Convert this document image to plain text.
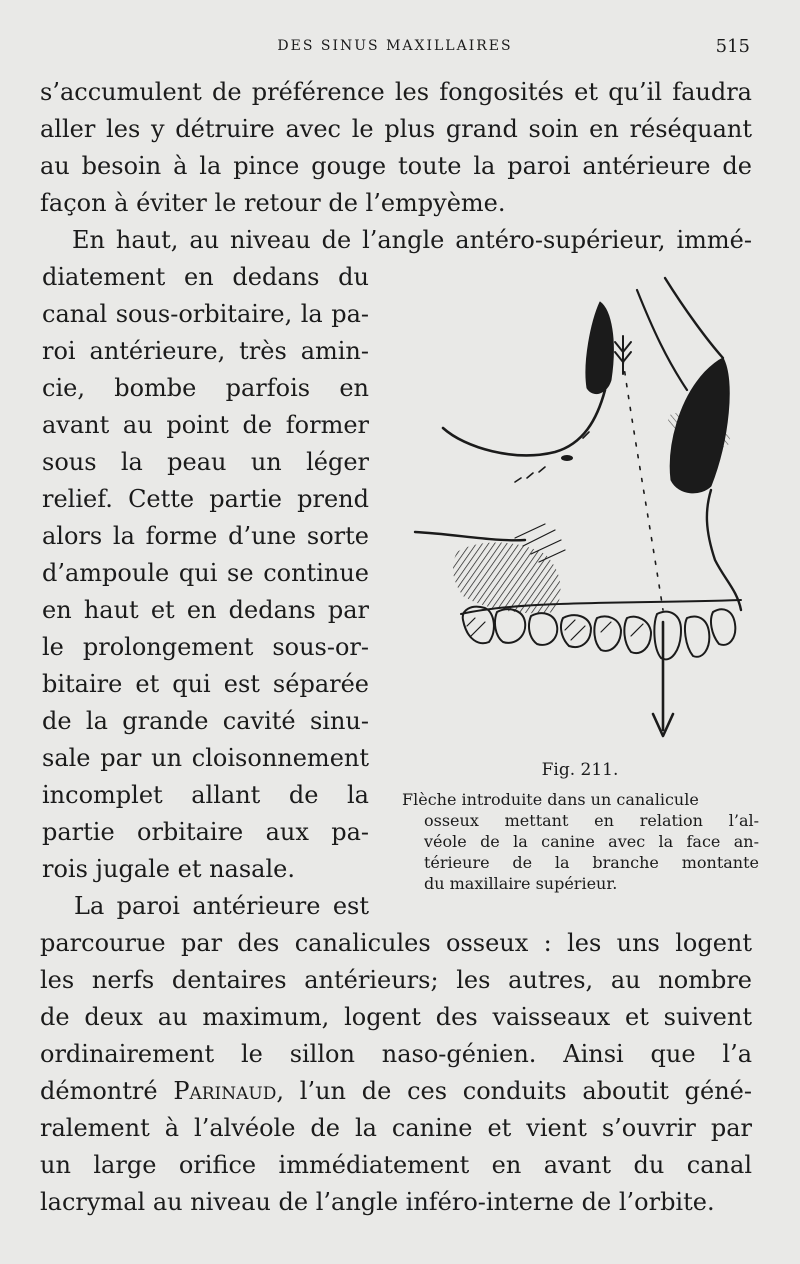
DES SINUS MAXILLAIRES	515
s’accumulent de préférence les fongosités et qu’il faudra
aller les y détruire avec le plus grand soin en réséquant
au besoin à la pince gouge toute la paroi antérieure de
façon à éviter le retour de l’empyème.
En haut, au niveau de l’angle antéro-supérieur, immé-
diatement en dedans du
canal sous-orbitaire, la pa-
roi antérieure, très amin-
cie, bombe parfois en
avant au point de former
sous la peau un léger
relief. Cette partie prend
alors la forme d’une sorte
d’ampoule qui se continue
en haut et en dedans par
le prolongement sous-or-
bitaire et qui est séparée
de la grande cavité sinu-
sale par un cloisonnement
incomplet allant de la
partie orbitaire aux pa-
rois jugale et nasale.
La paroi antérieure est
parcourue par des canalicules osseux : les uns logent
les nerfs dentaires antérieurs; les autres, au nombre
de deux au maximum, logent des vaisseaux et suivent
ordinairement le sillon naso-génien. Ainsi que l’a
démontré Parinaud, l’un de ces conduits aboutit géné-
ralement à l’alvéole de la canine et vient s’ouvrir par
un large orifice immédiatement en avant du canal
lacrymal au niveau de l’angle inféro-interne de l’orbite.
Fig. 211.
Flèche introduite dans un canalicule
osseux mettant en relation l’al-
véole de la canine avec la face an-
térieure de la branche montante
du maxillaire supérieur.
